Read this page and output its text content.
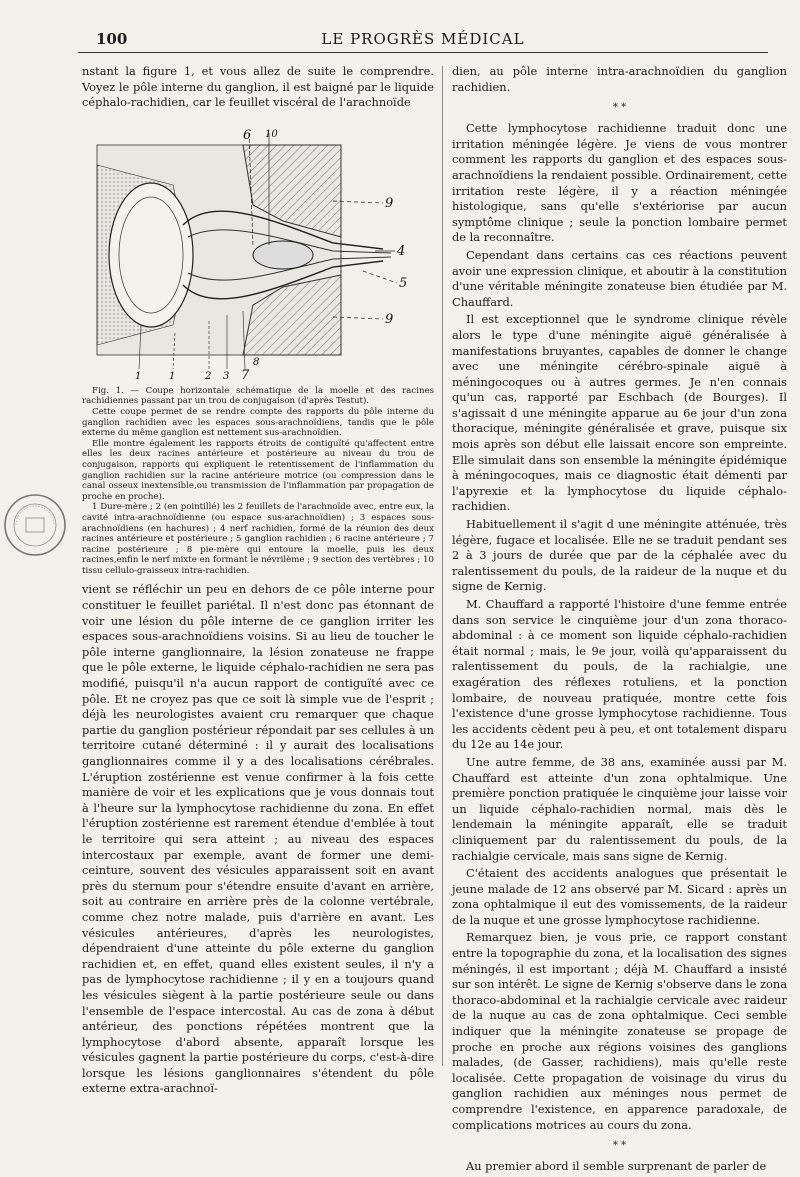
100	LE PROGRÈS MÉDICAL

nstant la figure 1, et vous allez de suite le comprendre. Voyez le pôle interne du ganglion, il est baigné par le liquide céphalo-rachidien, car le feuillet viscéral de l'arachnoïde

6 10
9
4
5
9
1	1	2 3 7
8

Fig. 1. — Coupe horizontale schématique de la moelle et des racines rachidiennes passant par un trou de conjugaison (d'après Testut).

Cette coupe permet de se rendre compte des rapports du pôle interne du ganglion rachidien avec les espaces sous-arachnoïdiens, tandis que le pôle externe du même ganglion est nettement sus-arachnoïdien.

Elle montre également les rapports étroits de contiguïté qu'affectent entre elles les deux racines antérieure et postérieure au niveau du trou de conjugaison, rapports qui expliquent le retentissement de l'inflammation du ganglion rachidien sur la racine antérieure motrice (ou compression dans le canal osseux inextensible,ou transmission de l'inflammation par propagation de proche en proche).

1 Dure-mère ; 2 (en pointillé) les 2 feuillets de l'arachnoïde avec, entre eux, la cavité intra-arachnoïdienne (ou espace sus-arachnoïdien) ; 3 espaces sous-arachnoïdiens (en hachures) ; 4 nerf rachidien, formé de la réunion des deux racines antérieure et postérieure ; 5 ganglion rachidien ; 6 racine antérieure ; 7 racine postérieure ; 8 pie-mère qui entoure la moelle, puis les deux racines,enfin le nerf mixte en formant le névrilème ; 9 section des vertèbres ; 10 tissu cellulo-graisseux intra-rachidien.

vient se réfléchir un peu en dehors de ce pôle interne pour constituer le feuillet pariétal. Il n'est donc pas étonnant de voir une lésion du pôle interne de ce ganglion irriter les espaces sous-arachnoïdiens voisins. Si au lieu de toucher le pôle interne ganglionnaire, la lésion zonateuse ne frappe que le pôle externe, le liquide céphalo-rachidien ne sera pas modifié, puisqu'il n'a aucun rapport de contiguïté avec ce pôle. Et ne croyez pas que ce soit là simple vue de l'esprit ; déjà les neurologistes avaient cru remarquer que chaque partie du ganglion postérieur répondait par ses cellules à un territoire cutané déterminé : il y aurait des localisations ganglionnaires comme il y a des localisations cérébrales. L'éruption zostérienne est venue confirmer à la fois cette manière de voir et les explications que je vous donnais tout à l'heure sur la lymphocytose rachidienne du zona. En effet l'éruption zostérienne est rarement étendue d'emblée à tout le territoire qui sera atteint ; au niveau des espaces intercostaux par exemple, avant de former une demi-ceinture, souvent des vésicules apparaissent soit en avant près du sternum pour s'étendre ensuite d'avant en arrière, soit au contraire en arrière près de la colonne vertébrale, comme chez notre malade, puis d'arrière en avant. Les vésicules antérieures, d'après les neurologistes, dépendraient d'une atteinte du pôle externe du ganglion rachidien et, en effet, quand elles existent seules, il n'y a pas de lymphocytose rachidienne ; il y en a toujours quand les vésicules siègent à la partie postérieure seule ou dans l'ensemble de l'espace intercostal. Au cas de zona à début antérieur, des ponctions répétées montrent que la lymphocytose d'abord absente, apparaît lorsque les vésicules gagnent la partie postérieure du corps, c'est-à-dire lorsque les lésions ganglionnaires s'étendent du pôle externe extra-arachnoï-

dien, au pôle interne intra-arachnoïdien du ganglion rachidien.

* *

Cette lymphocytose rachidienne traduit donc une irritation méningée légère. Je viens de vous montrer comment les rapports du ganglion et des espaces sous-arachnoïdiens la rendaient possible. Ordinairement, cette irritation reste légère, il y a réaction méningée histologique, sans qu'elle s'extériorise par aucun symptôme clinique ; seule la ponction lombaire permet de la reconnaître.

Cependant dans certains cas ces réactions peuvent avoir une expression clinique, et aboutir à la constitution d'une véritable méningite zonateuse bien étudiée par M. Chauffard.

Il est exceptionnel que le syndrome clinique révèle alors le type d'une méningite aiguë généralisée à manifestations bruyantes, capables de donner le change avec une méningite cérébro-spinale aiguë à méningocoques ou à autres germes. Je n'en connais qu'un cas, rapporté par Eschbach (de Bourges). Il s'agissait d une méningite apparue au 6e jour d'un zona thoracique, méningite généralisée et grave, puisque six mois après son début elle laissait encore son empreinte. Elle simulait dans son ensemble la méningite épidémique à méningocoques, mais ce diagnostic était démenti par l'apyrexie et la lymphocytose du liquide céphalo-rachidien.

Habituellement il s'agit d une méningite atténuée, très légère, fugace et localisée. Elle ne se traduit pendant ses 2 à 3 jours de durée que par de la céphalée avec du ralentissement du pouls, de la raideur de la nuque et du signe de Kernig.

M. Chauffard a rapporté l'histoire d'une femme entrée dans son service le cinquième jour d'un zona thoraco-abdominal : à ce moment son liquide céphalo-rachidien était normal ; mais, le 9e jour, voilà qu'apparaissent du ralentissement du pouls, de la rachialgie, une exagération des réflexes rotuliens, et la ponction lombaire, de nouveau pratiquée, montre cette fois l'existence d'une grosse lymphocytose rachidienne. Tous les accidents cèdent peu à peu, et ont totalement disparu du 12e au 14e jour.

Une autre femme, de 38 ans, examinée aussi par M. Chauffard est atteinte d'un zona ophtalmique. Une première ponction pratiquée le cinquième jour laisse voir un liquide céphalo-rachidien normal, mais dès le lendemain la méningite apparaît, elle se traduit cliniquement par du ralentissement du pouls, de la rachialgie cervicale, mais sans signe de Kernig.

C'étaient des accidents analogues que présentait le jeune malade de 12 ans observé par M. Sicard : après un zona ophtalmique il eut des vomissements, de la raideur de la nuque et une grosse lymphocytose rachidienne.

Remarquez bien, je vous prie, ce rapport constant entre la topographie du zona, et la localisation des signes méningés, il est important ; déjà M. Chauffard a insisté sur son intérêt. Le signe de Kernig s'observe dans le zona thoraco-abdominal et la rachialgie cervicale avec raideur de la nuque au cas de zona ophtalmique. Ceci semble indiquer que la méningite zonateuse se propage de proche en proche aux régions voisines des ganglions malades, (de Gasser, rachidiens), mais qu'elle reste localisée. Cette propagation de voisinage du virus du ganglion rachidien aux méninges nous permet de comprendre l'existence, en apparence paradoxale, de complications motrices au cours du zona.

* *

Au premier abord il semble surprenant de parler de
